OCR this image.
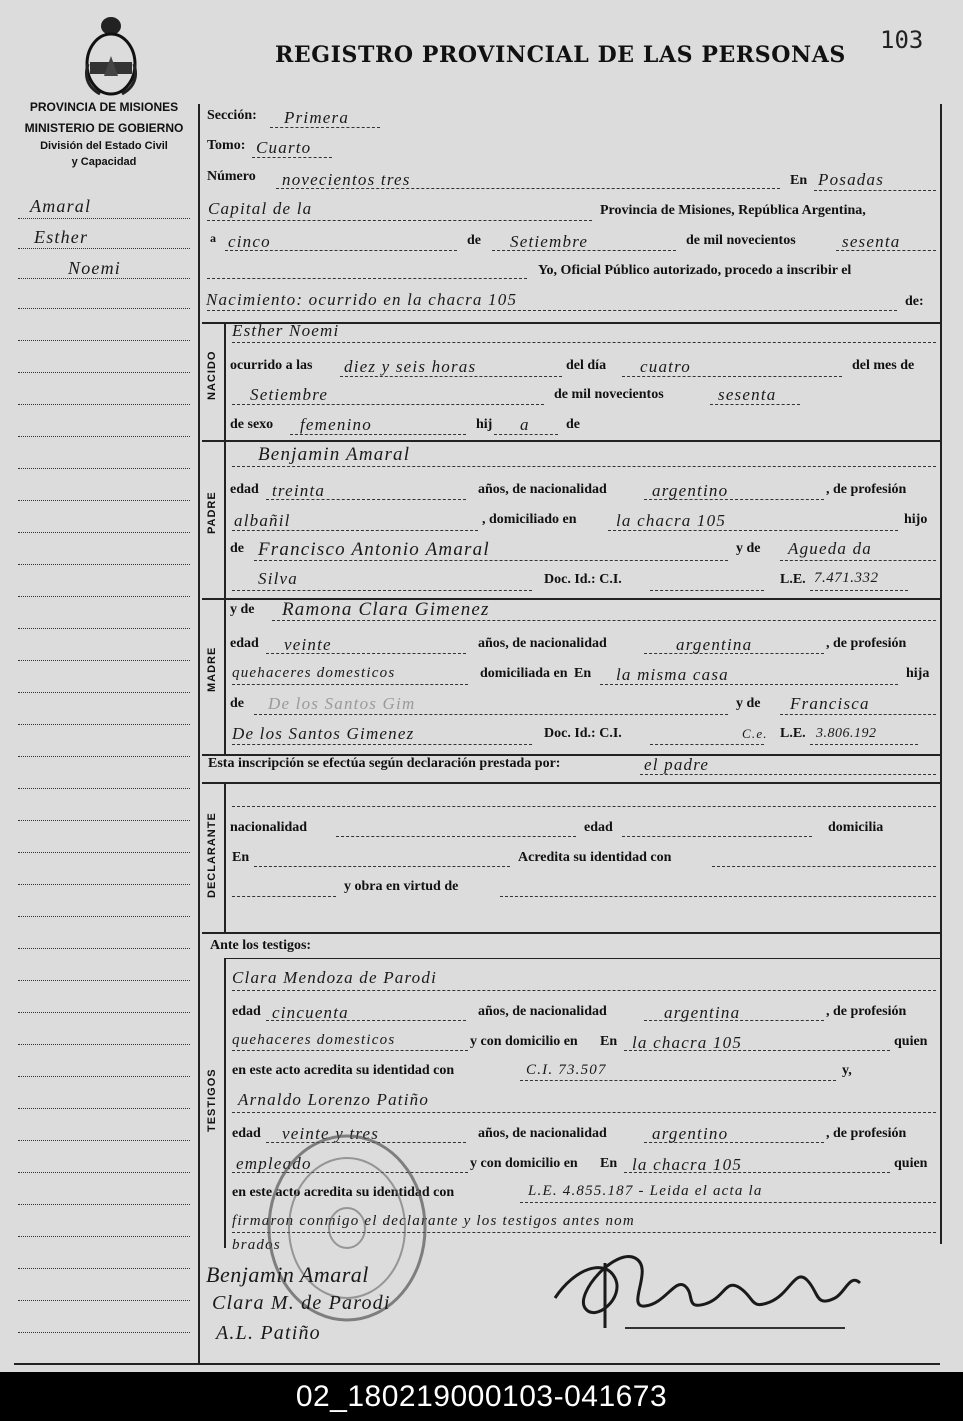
REGISTRO PROVINCIAL DE LAS PERSONAS
103
PROVINCIA DE MISIONES
MINISTERIO DE GOBIERNO
División del Estado Civil
y Capacidad
Amaral
Esther
Noemi
Sección: Primera
Tomo: Cuarto
Número novecientos tres	En Posadas
Capital de la	Provincia de Misiones, República Argentina,
a cinco	de Setiembre	de mil novecientos	sesenta
Yo, Oficial Público autorizado, procedo a inscribir el
Nacimiento: ocurrido en la chacra 105	de:
NACIDO
Esther Noemi
ocurrido a las diez y seis horas	del día cuatro	del mes de
Setiembre	de mil novecientos	sesenta
de sexo femenino	hij a	de
PADRE
Benjamin Amaral
edad treinta	años, de nacionalidad	argentino	, de profesión
albañil	, domiciliado en la chacra 105	hijo
de Francisco Antonio Amaral	y de Agueda da
Silva	Doc. Id.: C.I.	L.E. 7.471.332
MADRE
y de Ramona Clara Gimenez
edad veinte	años, de nacionalidad	argentina	, de profesión
quehaceres domesticos	domiciliada en En la misma casa	hija
de De los Santos Gim	y de Francisca
De los Santos Gimenez	Doc. Id.: C.I.	C.e. L.E. 3.806.192
Esta inscripción se efectúa según declaración prestada por:	el padre
DECLARANTE nacionalidad	edad	domicilia
En	Acredita su identidad con
y obra en virtud de
Ante los testigos:
TESTIGOS
Clara Mendoza de Parodi
edad cincuenta	años, de nacionalidad	argentina	, de profesión
quehaceres domesticos	y con domicilio en En la chacra 105	quien
en este acto acredita su identidad con	C.I. 73.507	y,
Arnaldo Lorenzo Patiño
edad veinte y tres	años, de nacionalidad	argentino	, de profesión
empleado	y con domicilio en En la chacra 105	quien
en este acto acredita su identidad con	L.E. 4.855.187 - Leida el acta la
firmaron conmigo el declarante y los testigos antes nom
brados
Benjamin Amaral
Clara M. de Parodi
A.L. Patiño
02_180219000103-041673
